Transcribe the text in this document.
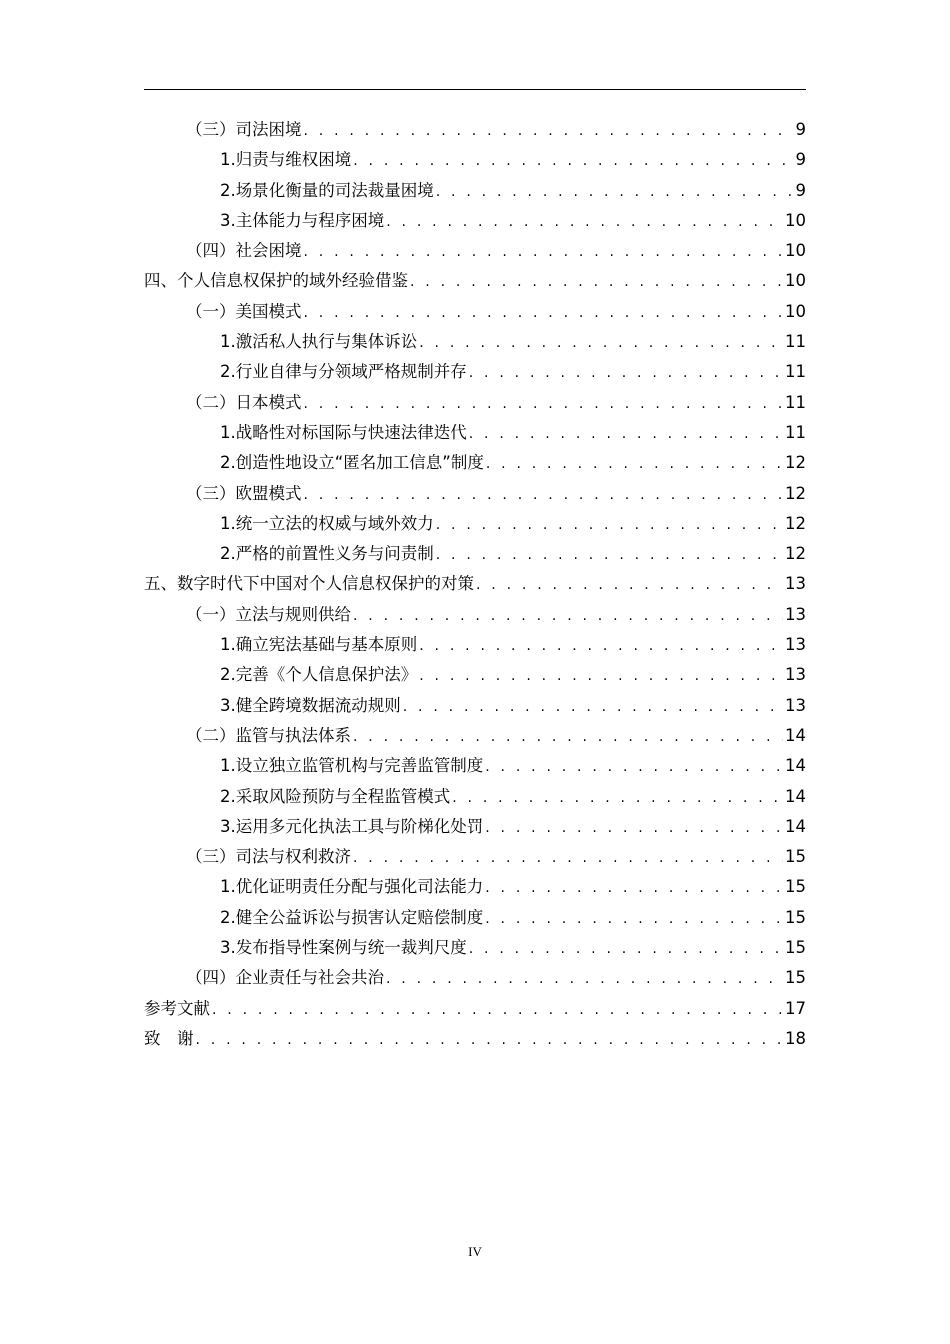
（三）司法困境 . . .	9
1.归责与维权困境 . . .	9
2.场景化衡量的司法裁量困境 . . .	9
3.主体能力与程序困境 . . .	10
（四）社会困境 . . .	10
四、个人信息权保护的域外经验借鉴 . . .	10
（一）美国模式 . . .	10
1.激活私人执行与集体诉讼 . . .	11
2.行业自律与分领域严格规制并存 . . .	11
（二）日本模式 . . .	11
1.战略性对标国际与快速法律迭代 . . .	11
2.创造性地设立“匿名加工信息”制度 . . .	12
（三）欧盟模式 . . .	12
1.统一立法的权威与域外效力 . . .	12
2.严格的前置性义务与问责制 . . .	12
五、数字时代下中国对个人信息权保护的对策 . . .	13
（一）立法与规则供给 . . .	13
1.确立宪法基础与基本原则 . . .	13
2.完善《个人信息保护法》 . . .	13
3.健全跨境数据流动规则 . . .	13
（二）监管与执法体系 . . .	14
1.设立独立监管机构与完善监管制度 . . .	14
2.采取风险预防与全程监管模式 . . .	14
3.运用多元化执法工具与阶梯化处罚 . . .	14
（三）司法与权利救济 . . .	15
1.优化证明责任分配与强化司法能力 . . .	15
2.健全公益诉讼与损害认定赔偿制度 . . .	15
3.发布指导性案例与统一裁判尺度 . . .	15
（四）企业责任与社会共治 . . .	15
参考文献 . . .	17
致　谢 . . .	18
IV
